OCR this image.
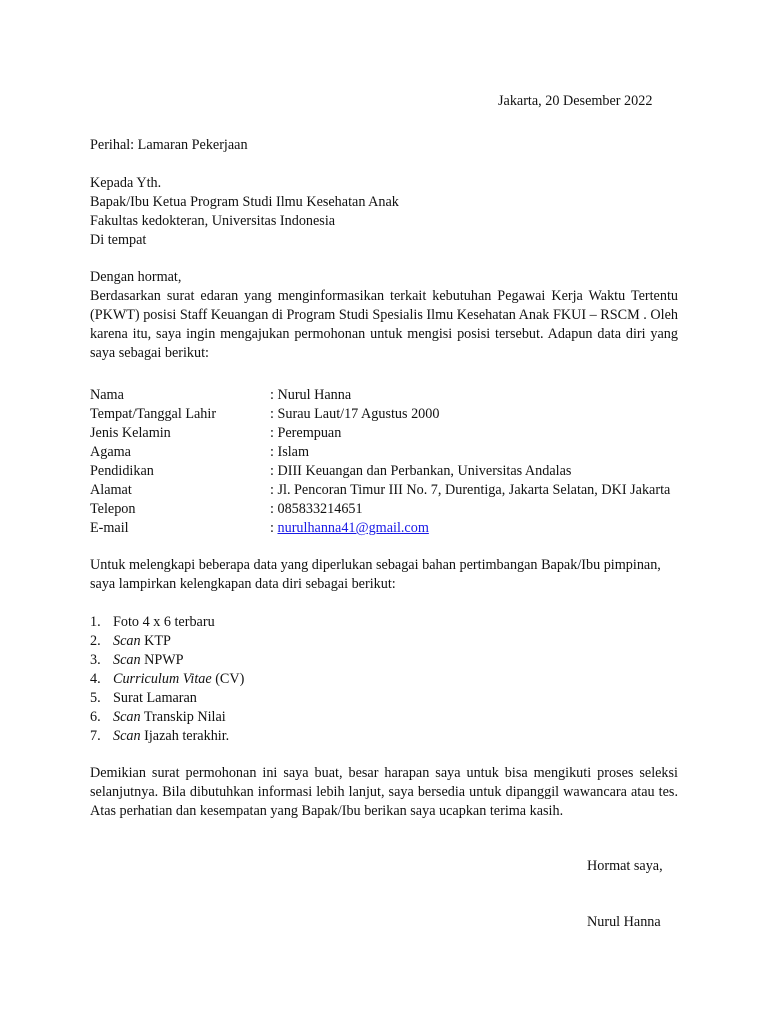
Jakarta, 20 Desember 2022
Perihal: Lamaran Pekerjaan
Kepada Yth.
Bapak/Ibu Ketua Program Studi Ilmu Kesehatan Anak
Fakultas kedokteran, Universitas Indonesia
Di tempat
Dengan hormat,
Berdasarkan surat edaran yang menginformasikan terkait kebutuhan Pegawai Kerja Waktu Tertentu (PKWT) posisi Staff Keuangan di Program Studi Spesialis Ilmu Kesehatan Anak FKUI – RSCM . Oleh karena itu, saya ingin mengajukan permohonan untuk mengisi posisi tersebut. Adapun data diri yang saya sebagai berikut:
Nama	: Nurul Hanna
Tempat/Tanggal Lahir	: Surau Laut/17 Agustus 2000
Jenis Kelamin	: Perempuan
Agama	: Islam
Pendidikan	: DIII Keuangan dan Perbankan, Universitas Andalas
Alamat	: Jl. Pencoran Timur III No. 7, Durentiga, Jakarta Selatan, DKI Jakarta
Telepon	: 085833214651
E-mail	: nurulhanna41@gmail.com
Untuk melengkapi beberapa data yang diperlukan sebagai bahan pertimbangan Bapak/Ibu pimpinan, saya lampirkan kelengkapan data diri sebagai berikut:
1. Foto 4 x 6 terbaru
2. Scan KTP
3. Scan NPWP
4. Curriculum Vitae (CV)
5. Surat Lamaran
6. Scan Transkip Nilai
7. Scan Ijazah terakhir.
Demikian surat permohonan ini saya buat, besar harapan saya untuk bisa mengikuti proses seleksi selanjutnya. Bila dibutuhkan informasi lebih lanjut, saya bersedia untuk dipanggil wawancara atau tes. Atas perhatian dan kesempatan yang Bapak/Ibu berikan saya ucapkan terima kasih.
Hormat saya,
Nurul Hanna
